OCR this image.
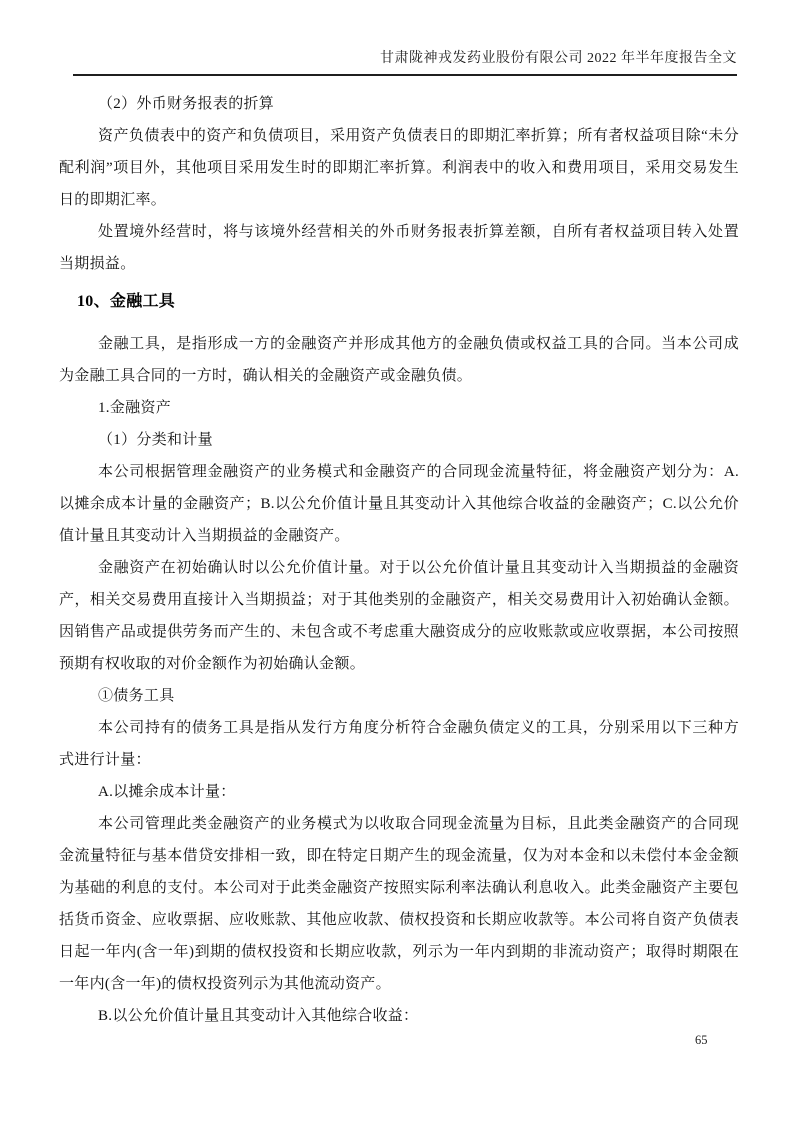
甘肃陇神戎发药业股份有限公司 2022 年半年度报告全文

（2）外币财务报表的折算

资产负债表中的资产和负债项目，采用资产负债表日的即期汇率折算；所有者权益项目除“未分配利润”项目外，其他项目采用发生时的即期汇率折算。利润表中的收入和费用项目，采用交易发生日的即期汇率。

处置境外经营时，将与该境外经营相关的外币财务报表折算差额，自所有者权益项目转入处置当期损益。

10、金融工具

金融工具，是指形成一方的金融资产并形成其他方的金融负债或权益工具的合同。当本公司成为金融工具合同的一方时，确认相关的金融资产或金融负债。

1.金融资产

（1）分类和计量

本公司根据管理金融资产的业务模式和金融资产的合同现金流量特征，将金融资产划分为：A.以摊余成本计量的金融资产；B.以公允价值计量且其变动计入其他综合收益的金融资产；C.以公允价值计量且其变动计入当期损益的金融资产。

金融资产在初始确认时以公允价值计量。对于以公允价值计量且其变动计入当期损益的金融资产，相关交易费用直接计入当期损益；对于其他类别的金融资产，相关交易费用计入初始确认金额。因销售产品或提供劳务而产生的、未包含或不考虑重大融资成分的应收账款或应收票据，本公司按照预期有权收取的对价金额作为初始确认金额。

①债务工具

本公司持有的债务工具是指从发行方角度分析符合金融负债定义的工具，分别采用以下三种方式进行计量：

A.以摊余成本计量：

本公司管理此类金融资产的业务模式为以收取合同现金流量为目标，且此类金融资产的合同现金流量特征与基本借贷安排相一致，即在特定日期产生的现金流量，仅为对本金和以未偿付本金金额为基础的利息的支付。本公司对于此类金融资产按照实际利率法确认利息收入。此类金融资产主要包括货币资金、应收票据、应收账款、其他应收款、债权投资和长期应收款等。本公司将自资产负债表日起一年内(含一年)到期的债权投资和长期应收款，列示为一年内到期的非流动资产；取得时期限在一年内(含一年)的债权投资列示为其他流动资产。

B.以公允价值计量且其变动计入其他综合收益：

65
